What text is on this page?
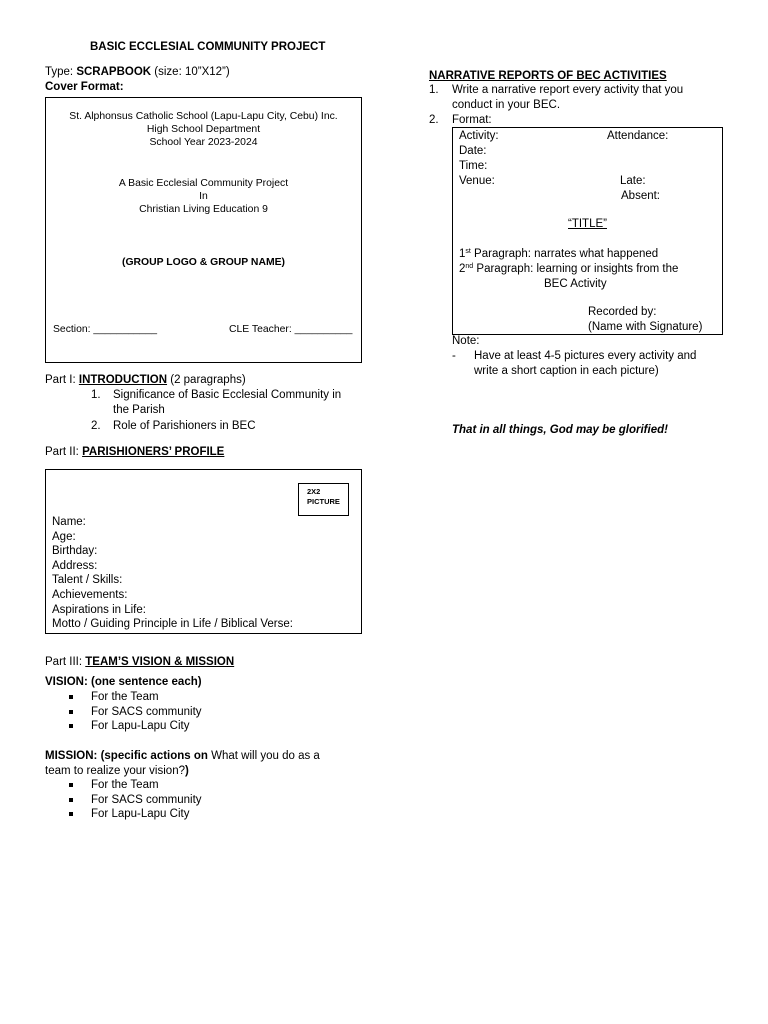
BASIC ECCLESIAL COMMUNITY PROJECT
Type: SCRAPBOOK (size: 10”X12”)
Cover Format:
St. Alphonsus Catholic School (Lapu-Lapu City, Cebu) Inc.
High School Department
School Year 2023-2024
A Basic Ecclesial Community Project
In
Christian Living Education 9
(GROUP LOGO & GROUP NAME)
Section: ___________	CLE Teacher: __________
Part I: INTRODUCTION (2 paragraphs)
1. Significance of Basic Ecclesial Community in
the Parish
2. Role of Parishioners in BEC
Part II: PARISHIONERS’ PROFILE
2X2
PICTURE
Name:
Age:
Birthday:
Address:
Talent / Skills:
Achievements:
Aspirations in Life:
Motto / Guiding Principle in Life / Biblical Verse:
Part III: TEAM’S VISION & MISSION
VISION: (one sentence each)
For the Team
For SACS community
For Lapu-Lapu City
MISSION: (specific actions on What will you do as a
team to realize your vision?)
For the Team
For SACS community
For Lapu-Lapu City
NARRATIVE REPORTS OF BEC ACTIVITIES
1. Write a narrative report every activity that you
conduct in your BEC.
2. Format:
Activity:	Attendance:
Date:
Time:
Venue:	Late:
Absent:
“TITLE”
1st Paragraph: narrates what happened
2nd Paragraph: learning or insights from the
BEC Activity
Recorded by:
(Name with Signature)
Note:
- Have at least 4-5 pictures every activity and
write a short caption in each picture)
That in all things, God may be glorified!
